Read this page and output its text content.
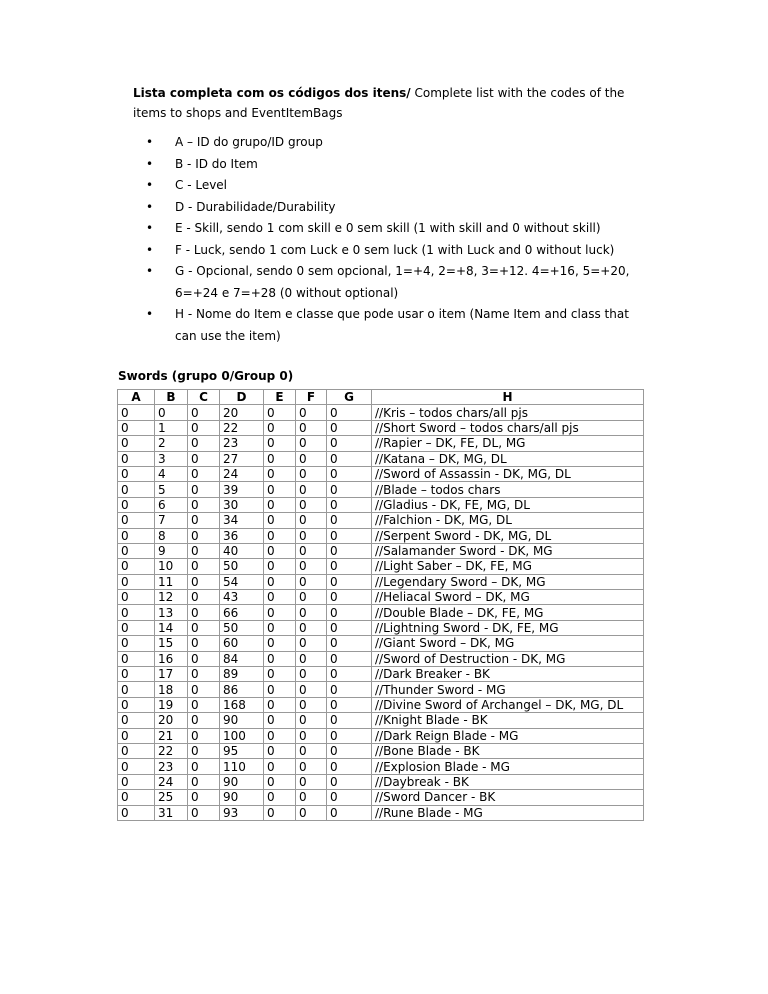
Lista completa com os códigos dos itens/ Complete list with the codes of the items to shops and EventItemBags
• A – ID do grupo/ID group
• B - ID do Item
• C - Level
• D - Durabilidade/Durability
• E - Skill, sendo 1 com skill e 0 sem skill (1 with skill and 0 without skill)
• F - Luck, sendo 1 com Luck e 0 sem luck (1 with Luck and 0 without luck)
• G - Opcional, sendo 0 sem opcional, 1=+4, 2=+8, 3=+12. 4=+16, 5=+20, 6=+24 e 7=+28 (0 without optional)
• H - Nome do Item e classe que pode usar o item (Name Item and class that can use the item)
Swords (grupo 0/Group 0)
A	B	C	D	E	F	G	H
0	0	0	20	0	0	0	//Kris – todos chars/all pjs
0	1	0	22	0	0	0	//Short Sword – todos chars/all pjs
0	2	0	23	0	0	0	//Rapier – DK, FE, DL, MG
0	3	0	27	0	0	0	//Katana – DK, MG, DL
0	4	0	24	0	0	0	//Sword of Assassin - DK, MG, DL
0	5	0	39	0	0	0	//Blade – todos chars
0	6	0	30	0	0	0	//Gladius - DK, FE, MG, DL
0	7	0	34	0	0	0	//Falchion - DK, MG, DL
0	8	0	36	0	0	0	//Serpent Sword - DK, MG, DL
0	9	0	40	0	0	0	//Salamander Sword - DK, MG
0	10	0	50	0	0	0	//Light Saber – DK, FE, MG
0	11	0	54	0	0	0	//Legendary Sword – DK, MG
0	12	0	43	0	0	0	//Heliacal Sword – DK, MG
0	13	0	66	0	0	0	//Double Blade – DK, FE, MG
0	14	0	50	0	0	0	//Lightning Sword - DK, FE, MG
0	15	0	60	0	0	0	//Giant Sword – DK, MG
0	16	0	84	0	0	0	//Sword of Destruction - DK, MG
0	17	0	89	0	0	0	//Dark Breaker - BK
0	18	0	86	0	0	0	//Thunder Sword - MG
0	19	0	168	0	0	0	//Divine Sword of Archangel – DK, MG, DL
0	20	0	90	0	0	0	//Knight Blade - BK
0	21	0	100	0	0	0	//Dark Reign Blade - MG
0	22	0	95	0	0	0	//Bone Blade - BK
0	23	0	110	0	0	0	//Explosion Blade - MG
0	24	0	90	0	0	0	//Daybreak - BK
0	25	0	90	0	0	0	//Sword Dancer - BK
0	31	0	93	0	0	0	//Rune Blade - MG
